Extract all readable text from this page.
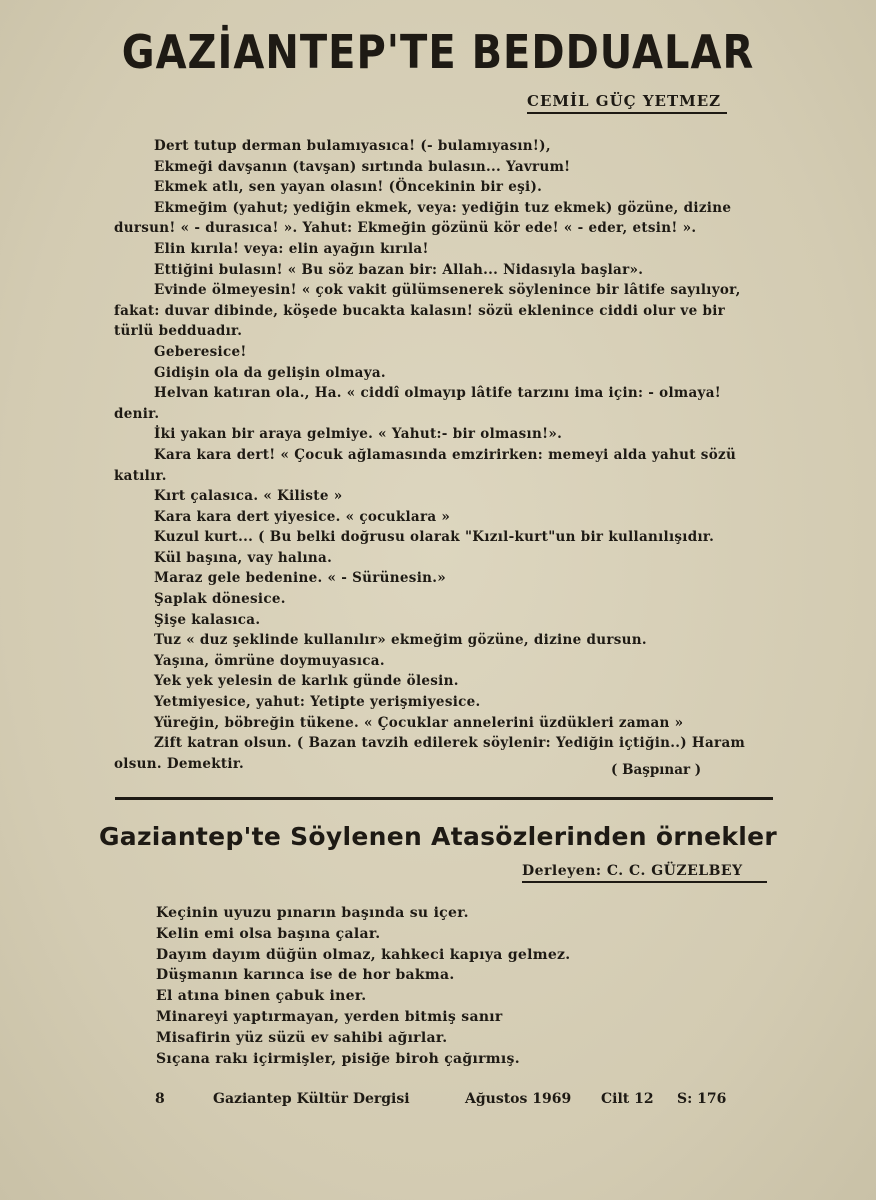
GAZİANTEP'TE BEDDUALAR
CEMİL GÜÇ YETMEZ
Dert tutup derman bulamıyasıca! (- bulamıyasın!),
Ekmeği davşanın (tavşan) sırtında bulasın... Yavrum!
Ekmek atlı, sen yayan olasın! (Öncekinin bir eşi).
Ekmeğim (yahut; yediğin ekmek, veya: yediğin tuz ekmek) gözüne, dizine
dursun! « - durasıca! ». Yahut: Ekmeğin gözünü kör ede! « - eder, etsin! ».
Elin kırıla! veya: elin ayağın kırıla!
Ettiğini bulasın! « Bu söz bazan bir: Allah... Nidasıyla başlar».
Evinde ölmeyesin! « çok vakit gülümsenerek söylenince bir lâtife sayılıyor,
fakat: duvar dibinde, köşede bucakta kalasın! sözü eklenince ciddi olur ve bir
türlü bedduadır.
Geberesice!
Gidişin ola da gelişin olmaya.
Helvan katıran ola., Ha. « ciddî olmayıp lâtife tarzını ima için: - olmaya!
denir.
İki yakan bir araya gelmiye. « Yahut:- bir olmasın!».
Kara kara dert! « Çocuk ağlamasında emzirirken: memeyi alda yahut sözü
katılır.
Kırt çalasıca. « Kiliste »
Kara kara dert yiyesice. « çocuklara »
Kuzul kurt... ( Bu belki doğrusu olarak "Kızıl-kurt"un bir kullanılışıdır.
Kül başına, vay halına.
Maraz gele bedenine. « - Sürünesin.»
Şaplak dönesice.
Şişe kalasıca.
Tuz « duz şeklinde kullanılır» ekmeğim gözüne, dizine dursun.
Yaşına, ömrüne doymuyasıca.
Yek yek yelesin de karlık günde ölesin.
Yetmiyesice, yahut: Yetipte yerişmiyesice.
Yüreğin, böbreğin tükene. « Çocuklar annelerini üzdükleri zaman »
Zift katran olsun. ( Bazan tavzih edilerek söylenir: Yediğin içtiğin..) Haram
olsun. Demektir.	( Başpınar )
Gaziantep'te Söylenen Atasözlerinden örnekler
Derleyen: C. C. GÜZELBEY
Keçinin uyuzu pınarın başında su içer.
Kelin emi olsa başına çalar.
Dayım dayım düğün olmaz, kahkeci kapıya gelmez.
Düşmanın karınca ise de hor bakma.
El atına binen çabuk iner.
Minareyi yaptırmayan, yerden bitmiş sanır
Misafirin yüz süzü ev sahibi ağırlar.
Sıçana rakı içirmişler, pisiğe biroh çağırmış.
8	Gaziantep Kültür Dergisi	Ağustos 1969 Cilt 12 S: 176
